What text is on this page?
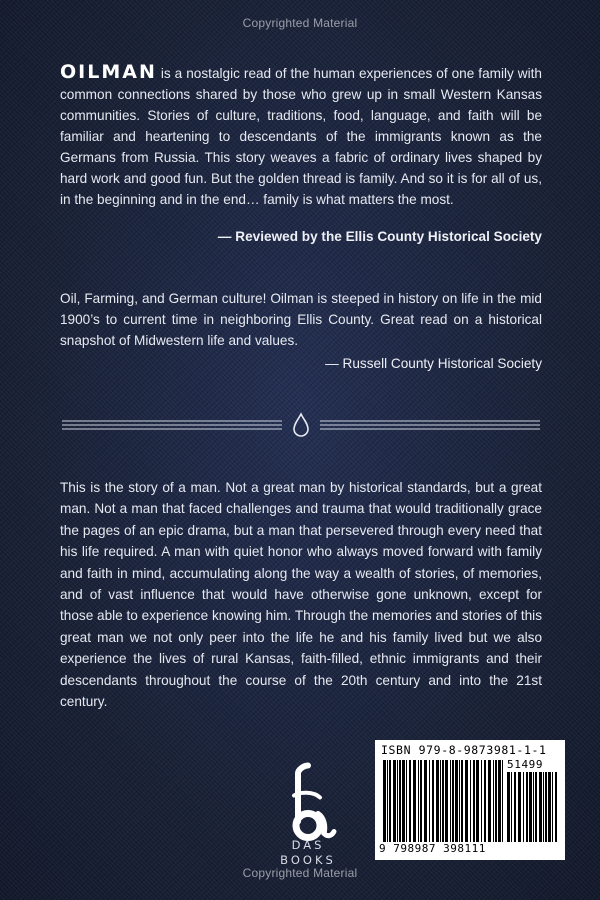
Copyrighted Material
OILMAN is a nostalgic read of the human experiences of one family with common connections shared by those who grew up in small Western Kansas communities. Stories of culture, traditions, food, language, and faith will be familiar and heartening to descendants of the immigrants known as the Germans from Russia. This story weaves a fabric of ordinary lives shaped by hard work and good fun. But the golden thread is family. And so it is for all of us, in the beginning and in the end… family is what matters the most.
— Reviewed by the Ellis County Historical Society
Oil, Farming, and German culture! Oilman is steeped in history on life in the mid 1900’s to current time in neighboring Ellis County. Great read on a historical snapshot of Midwestern life and values.
— Russell County Historical Society
This is the story of a man. Not a great man by historical standards, but a great man. Not a man that faced challenges and trauma that would traditionally grace the pages of an epic drama, but a man that persevered through every need that his life required. A man with quiet honor who always moved forward with family and faith in mind, accumulating along the way a wealth of stories, of memories, and of vast influence that would have otherwise gone unknown, except for those able to experience knowing him. Through the memories and stories of this great man we not only peer into the life he and his family lived but we also experience the lives of rural Kansas, faith-filled, ethnic immigrants and their descendants throughout the course of the 20th century and into the 21st century.
DAS
BOOKS
ISBN 979-8-9873981-1-1
51499
9 798987 398111
Copyrighted Material
